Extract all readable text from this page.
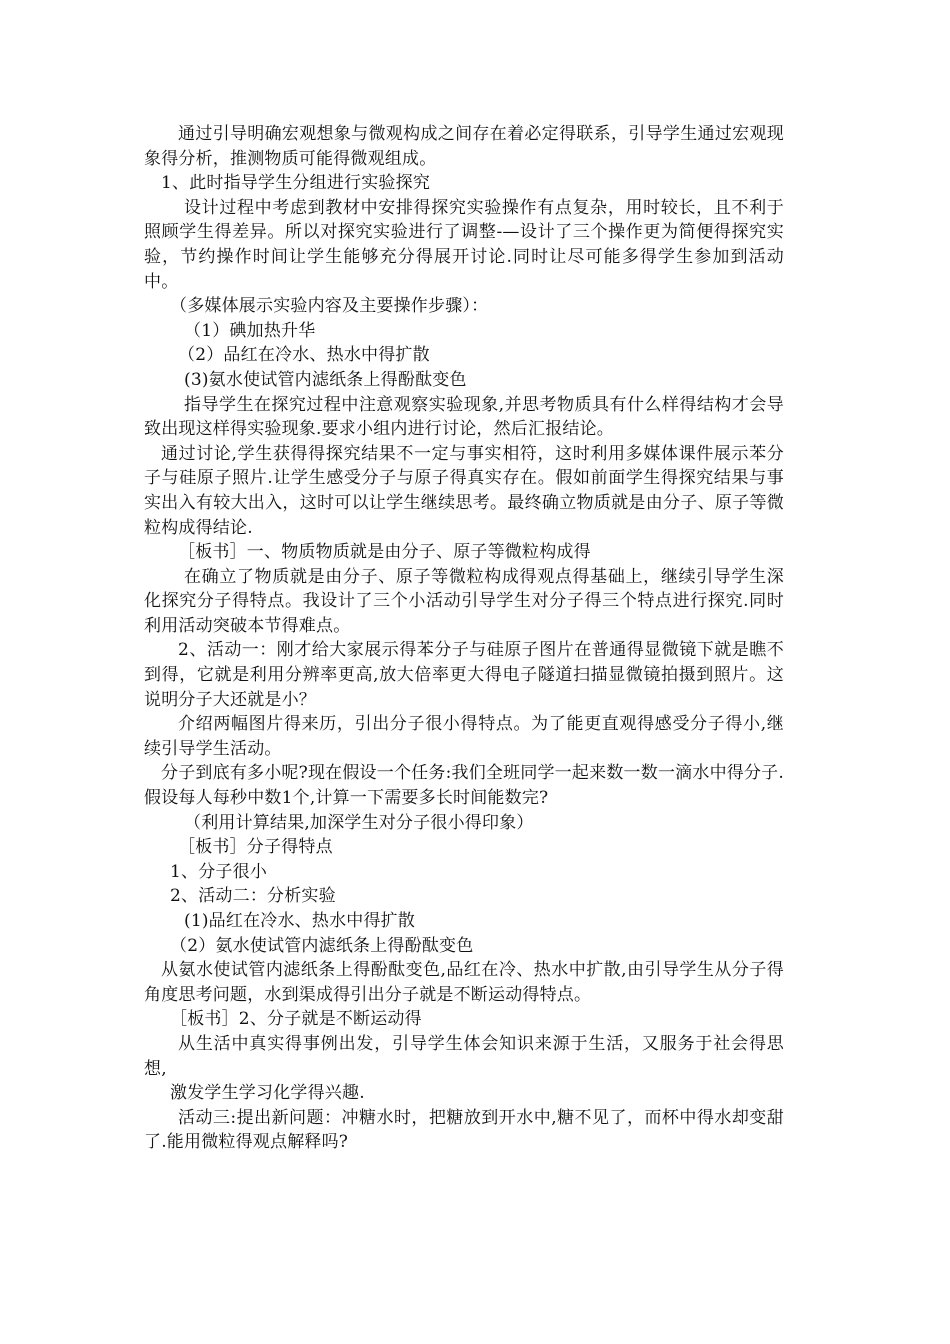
通过引导明确宏观想象与微观构成之间存在着必定得联系，引导学生通过宏观现象得分析，推测物质可能得微观组成。

1、此时指导学生分组进行实验探究

设计过程中考虑到教材中安排得探究实验操作有点复杂，用时较长，且不利于照顾学生得差异。所以对探究实验进行了调整-—设计了三个操作更为简便得探究实验，节约操作时间让学生能够充分得展开讨论.同时让尽可能多得学生参加到活动中。

（多媒体展示实验内容及主要操作步骤）：

（1）碘加热升华

（2）品红在冷水、热水中得扩散

(3)氨水使试管内滤纸条上得酚酞变色

指导学生在探究过程中注意观察实验现象,并思考物质具有什么样得结构才会导致出现这样得实验现象.要求小组内进行讨论，然后汇报结论。

通过讨论,学生获得得探究结果不一定与事实相符，这时利用多媒体课件展示苯分子与硅原子照片.让学生感受分子与原子得真实存在。假如前面学生得探究结果与事实出入有较大出入，这时可以让学生继续思考。最终确立物质就是由分子、原子等微粒构成得结论.

［板书］一、物质物质就是由分子、原子等微粒构成得

在确立了物质就是由分子、原子等微粒构成得观点得基础上，继续引导学生深化探究分子得特点。我设计了三个小活动引导学生对分子得三个特点进行探究.同时利用活动突破本节得难点。

2、活动一：刚才给大家展示得苯分子与硅原子图片在普通得显微镜下就是瞧不到得，它就是利用分辨率更高,放大倍率更大得电子隧道扫描显微镜拍摄到照片。这说明分子大还就是小？

介绍两幅图片得来历，引出分子很小得特点。为了能更直观得感受分子得小,继续引导学生活动。

分子到底有多小呢?现在假设一个任务:我们全班同学一起来数一数一滴水中得分子.假设每人每秒中数1个,计算一下需要多长时间能数完?

（利用计算结果,加深学生对分子很小得印象）

［板书］分子得特点

1、分子很小

2、活动二：分析实验

(1)品红在冷水、热水中得扩散

（2）氨水使试管内滤纸条上得酚酞变色

从氨水使试管内滤纸条上得酚酞变色,品红在冷、热水中扩散,由引导学生从分子得角度思考问题，水到渠成得引出分子就是不断运动得特点。

［板书］2、分子就是不断运动得

从生活中真实得事例出发，引导学生体会知识来源于生活，又服务于社会得思想,

激发学生学习化学得兴趣.

活动三:提出新问题：冲糖水时，把糖放到开水中,糖不见了，而杯中得水却变甜了.能用微粒得观点解释吗?
